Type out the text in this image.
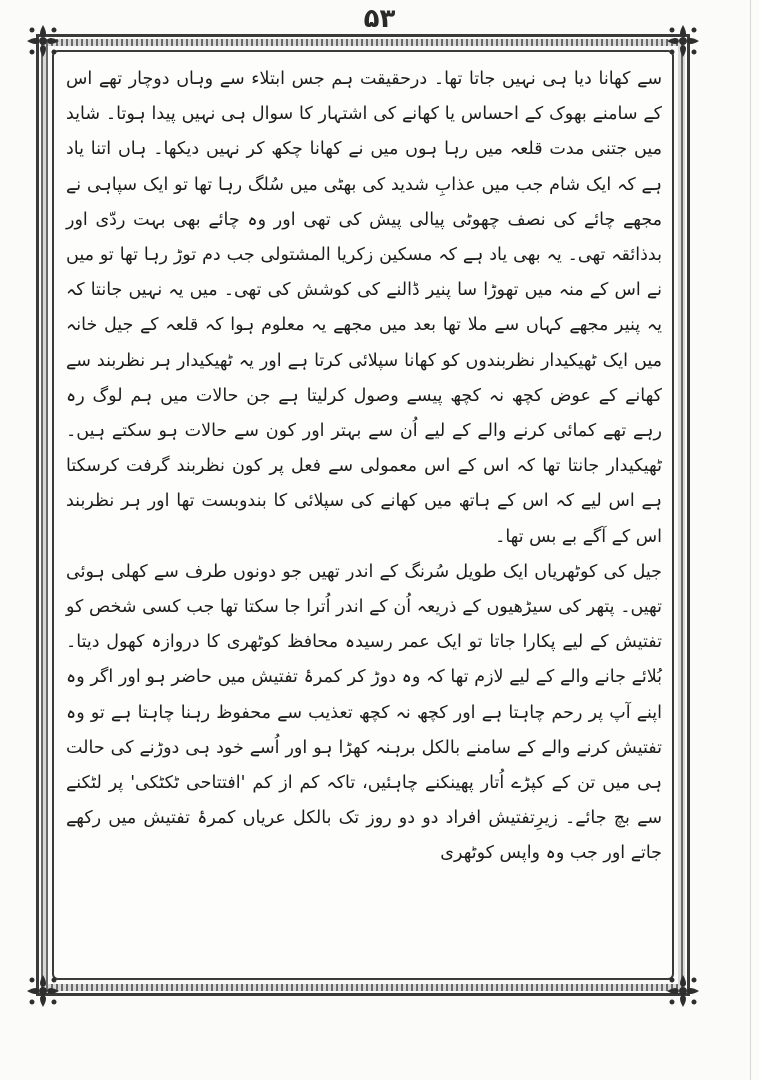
۵۳

سے کھانا دیا ہی نہیں جاتا تھا۔ درحقیقت ہم جس ابتلاء سے وہاں دوچار تھے اس کے سامنے بھوک کے احساس یا کھانے کی اشتہار کا سوال ہی نہیں پیدا ہوتا۔ شاید میں جتنی مدت قلعہ میں رہا ہوں میں نے کھانا چکھ کر نہیں دیکھا۔ ہاں اتنا یاد ہے کہ ایک شام جب میں عذابِ شدید کی بھٹی میں سُلگ رہا تھا تو ایک سپاہی نے مجھے چائے کی نصف چھوٹی پیالی پیش کی تھی اور وہ چائے بھی بہت ردّی اور بدذائقہ تھی۔ یہ بھی یاد ہے کہ مسکین زکریا المشتولی جب دم توڑ رہا تھا تو میں نے اس کے منہ میں تھوڑا سا پنیر ڈالنے کی کوشش کی تھی۔ میں یہ نہیں جانتا کہ یہ پنیر مجھے کہاں سے ملا تھا بعد میں مجھے یہ معلوم ہوا کہ قلعہ کے جیل خانہ میں ایک ٹھیکیدار نظربندوں کو کھانا سپلائی کرتا ہے اور یہ ٹھیکیدار ہر نظربند سے کھانے کے عوض کچھ نہ کچھ پیسے وصول کرلیتا ہے جن حالات میں ہم لوگ رہ رہے تھے کمائی کرنے والے کے لیے اُن سے بہتر اور کون سے حالات ہو سکتے ہیں۔ ٹھیکیدار جانتا تھا کہ اس کے اس معمولی سے فعل پر کون نظربند گرفت کرسکتا ہے اس لیے کہ اس کے ہاتھ میں کھانے کی سپلائی کا بندوبست تھا اور ہر نظربند اس کے آگے بے بس تھا۔

جیل کی کوٹھریاں ایک طویل سُرنگ کے اندر تھیں جو دونوں طرف سے کھلی ہوئی تھیں۔ پتھر کی سیڑھیوں کے ذریعہ اُن کے اندر اُترا جا سکتا تھا جب کسی شخص کو تفتیش کے لیے پکارا جاتا تو ایک عمر رسیدہ محافظ کوٹھری کا دروازہ کھول دیتا۔ بُلائے جانے والے کے لیے لازم تھا کہ وہ دوڑ کر کمرۂ تفتیش میں حاضر ہو اور اگر وہ اپنے آپ پر رحم چاہتا ہے اور کچھ نہ کچھ تعذیب سے محفوظ رہنا چاہتا ہے تو وہ تفتیش کرنے والے کے سامنے بالکل برہنہ کھڑا ہو اور اُسے خود ہی دوڑنے کی حالت ہی میں تن کے کپڑے اُتار پھینکنے چاہئیں، تاکہ کم از کم 'افتتاحی ٹکٹکی' پر لٹکنے سے بچ جائے۔ زیرِتفتیش افراد دو دو روز تک بالکل عریاں کمرۂ تفتیش میں رکھے جاتے اور جب وہ واپس کوٹھری
